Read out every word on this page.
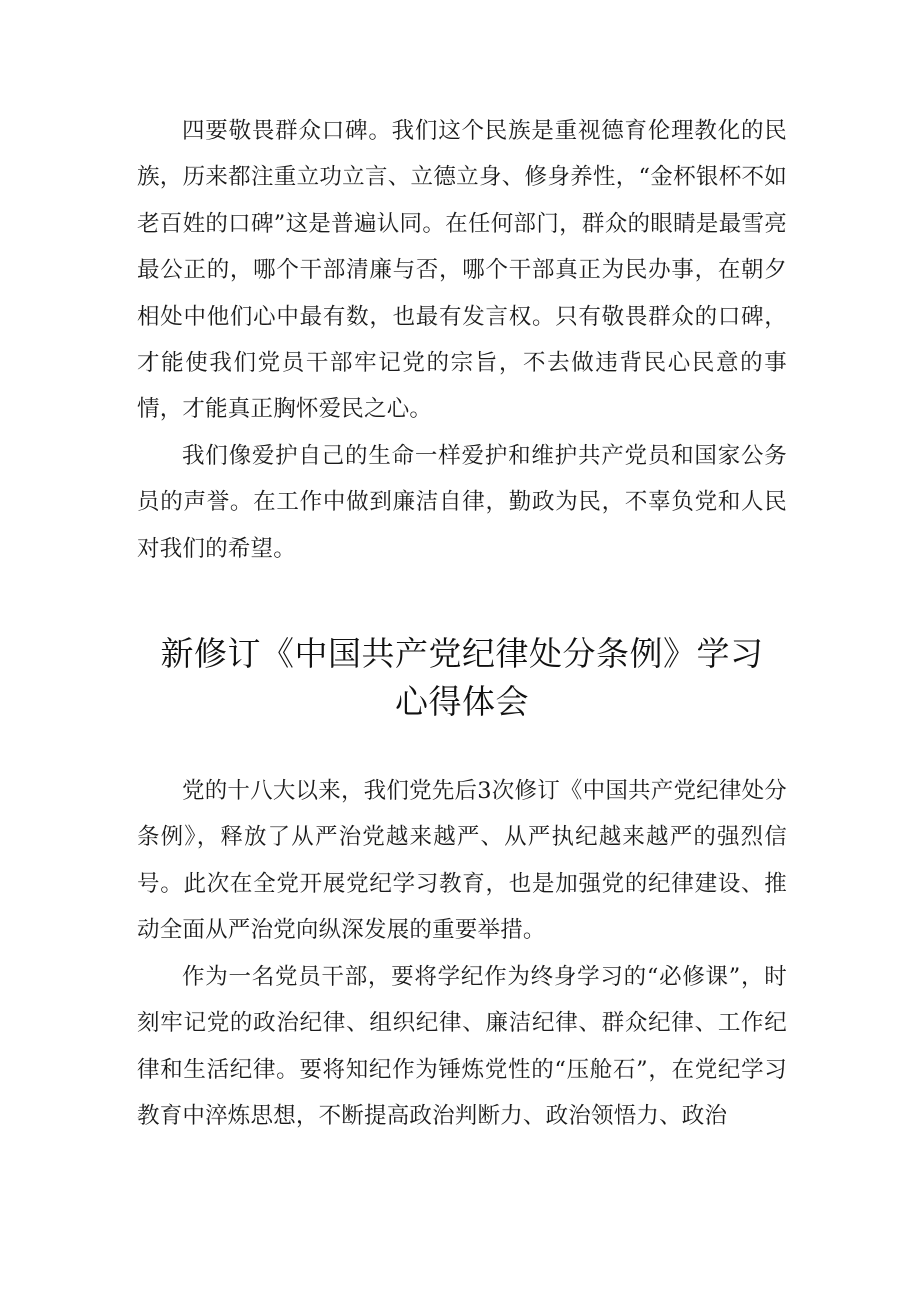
四要敬畏群众口碑。我们这个民族是重视德育伦理教化的民族，历来都注重立功立言、立德立身、修身养性，“金杯银杯不如老百姓的口碑”这是普遍认同。在任何部门，群众的眼睛是最雪亮最公正的，哪个干部清廉与否，哪个干部真正为民办事，在朝夕相处中他们心中最有数，也最有发言权。只有敬畏群众的口碑，才能使我们党员干部牢记党的宗旨，不去做违背民心民意的事情，才能真正胸怀爱民之心。

我们像爱护自己的生命一样爱护和维护共产党员和国家公务员的声誉。在工作中做到廉洁自律，勤政为民，不辜负党和人民对我们的希望。

新修订《中国共产党纪律处分条例》学习
心得体会

党的十八大以来，我们党先后3次修订《中国共产党纪律处分条例》，释放了从严治党越来越严、从严执纪越来越严的强烈信号。此次在全党开展党纪学习教育，也是加强党的纪律建设、推动全面从严治党向纵深发展的重要举措。

作为一名党员干部，要将学纪作为终身学习的“必修课”，时刻牢记党的政治纪律、组织纪律、廉洁纪律、群众纪律、工作纪律和生活纪律。要将知纪作为锤炼党性的“压舱石”，在党纪学习教育中淬炼思想，不断提高政治判断力、政治领悟力、政治
